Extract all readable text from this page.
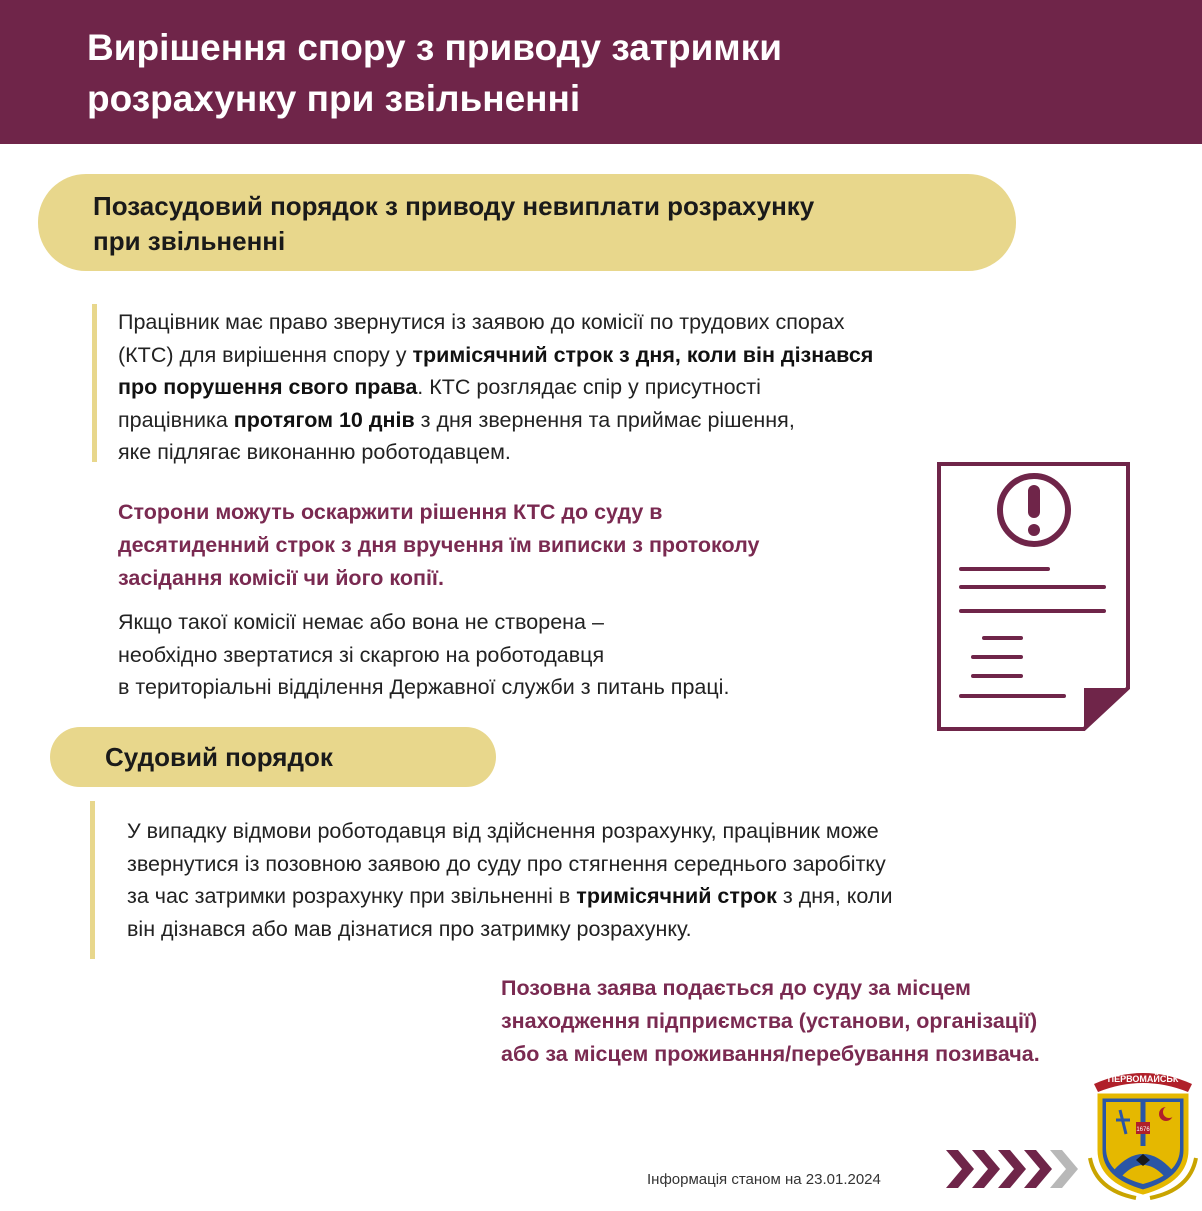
Вирішення спору з приводу затримки
розрахунку при звільненні
Позасудовий порядок з приводу невиплати розрахунку
при звільненні

Працівник має право звернутися із заявою до комісії по трудових спорах
(КТС) для вирішення спору у тримісячний строк з дня, коли він дізнався
про порушення свого права. КТС розглядає спір у присутності
працівника протягом 10 днів з дня звернення та приймає рішення,
яке підлягає виконанню роботодавцем.

Сторони можуть оскаржити рішення КТС до суду в
десятиденний строк з дня вручення їм виписки з протоколу
засідання комісії чи його копії.

Якщо такої комісії немає або вона не створена –
необхідно звертатися зі скаргою на роботодавця
в територіальні відділення Державної служби з питань праці.

Судовий порядок

У випадку відмови роботодавця від здійснення розрахунку, працівник може
звернутися із позовною заявою до суду про стягнення середнього заробітку
за час затримки розрахунку при звільненні в тримісячний строк з дня, коли
він дізнався або мав дізнатися про затримку розрахунку.

Позовна заява подається до суду за місцем
знаходження підприємства (установи, організації)
або за місцем проживання/перебування позивача.

Інформація станом на 23.01.2024

ПЕРВОМАЙСЬК
1676
